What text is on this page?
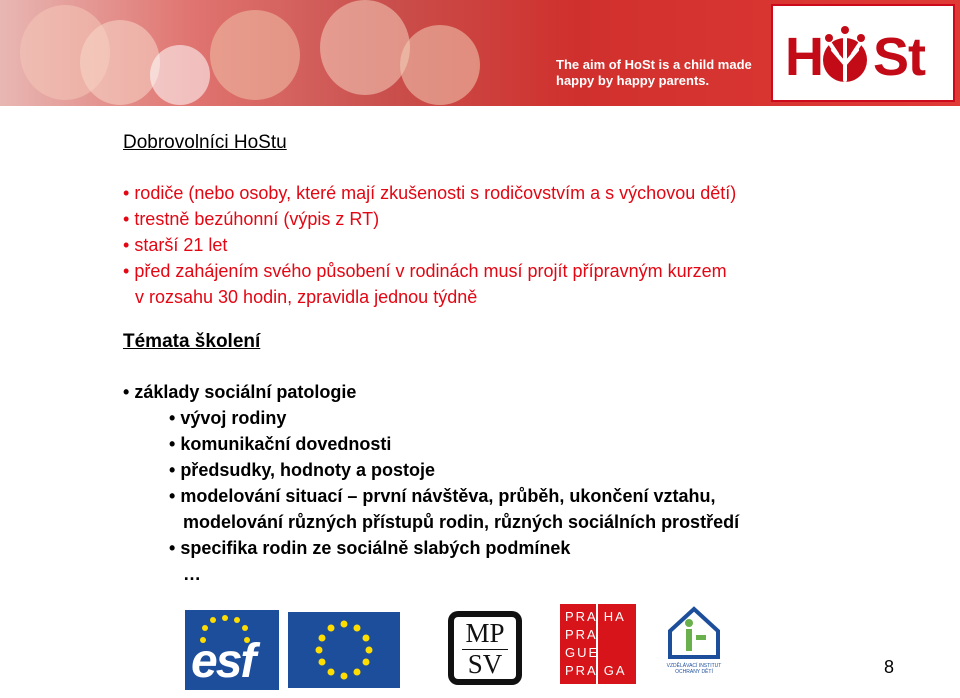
The aim of HoSt is a child made
happy by happy parents.	H St
Dobrovolníci HoStu
• rodiče (nebo osoby, které mají zkušenosti s rodičovstvím a s výchovou dětí)
• trestně bezúhonní (výpis z RT)
• starší 21 let
• před zahájením svého působení v rodinách musí projít přípravným kurzem
v rozsahu 30 hodin, zpravidla jednou týdně
Témata školení
• základy sociální patologie
• vývoj rodiny
• komunikační dovednosti
• předsudky, hodnoty a postoje
• modelování situací – první návštěva, průběh, ukončení vztahu,
modelování různých přístupů rodin, různých sociálních prostředí
• specifika rodin ze sociálně slabých podmínek
…
esf
MP
SV
PRA HA
PRAGUE
PRA GA
PRA G
VZDĚLÁVACÍ INSTITUT
OCHRANY DĚTÍ	8
